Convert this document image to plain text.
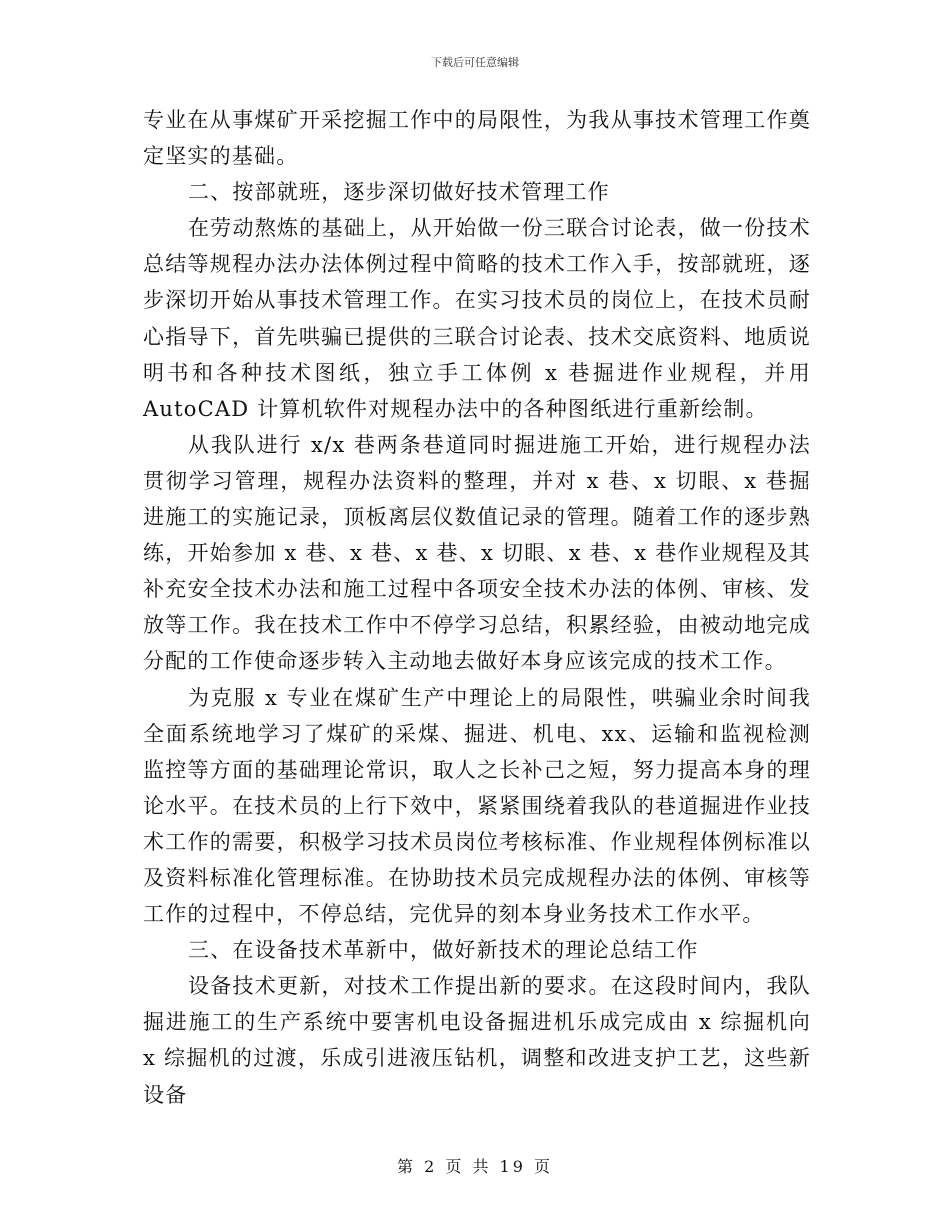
下载后可任意编辑

专业在从事煤矿开采挖掘工作中的局限性，为我从事技术管理工作奠定坚实的基础。

二、按部就班，逐步深切做好技术管理工作

在劳动熬炼的基础上，从开始做一份三联合讨论表，做一份技术总结等规程办法办法体例过程中简略的技术工作入手，按部就班，逐步深切开始从事技术管理工作。在实习技术员的岗位上，在技术员耐心指导下，首先哄骗已提供的三联合讨论表、技术交底资料、地质说明书和各种技术图纸，独立手工体例 x 巷掘进作业规程，并用 AutoCAD 计算机软件对规程办法中的各种图纸进行重新绘制。

从我队进行 x/x 巷两条巷道同时掘进施工开始，进行规程办法贯彻学习管理，规程办法资料的整理，并对 x 巷、x 切眼、x 巷掘进施工的实施记录，顶板离层仪数值记录的管理。随着工作的逐步熟练，开始参加 x 巷、x 巷、x 巷、x 切眼、x 巷、x 巷作业规程及其补充安全技术办法和施工过程中各项安全技术办法的体例、审核、发放等工作。我在技术工作中不停学习总结，积累经验，由被动地完成分配的工作使命逐步转入主动地去做好本身应该完成的技术工作。

为克服 x 专业在煤矿生产中理论上的局限性，哄骗业余时间我全面系统地学习了煤矿的采煤、掘进、机电、xx、运输和监视检测监控等方面的基础理论常识，取人之长补己之短，努力提高本身的理论水平。在技术员的上行下效中，紧紧围绕着我队的巷道掘进作业技术工作的需要，积极学习技术员岗位考核标准、作业规程体例标准以及资料标准化管理标准。在协助技术员完成规程办法的体例、审核等工作的过程中，不停总结，完优异的刻本身业务技术工作水平。

三、在设备技术革新中，做好新技术的理论总结工作

设备技术更新，对技术工作提出新的要求。在这段时间内，我队掘进施工的生产系统中要害机电设备掘进机乐成完成由 x 综掘机向 x 综掘机的过渡，乐成引进液压钻机，调整和改进支护工艺，这些新设备

第 2 页 共 19 页
